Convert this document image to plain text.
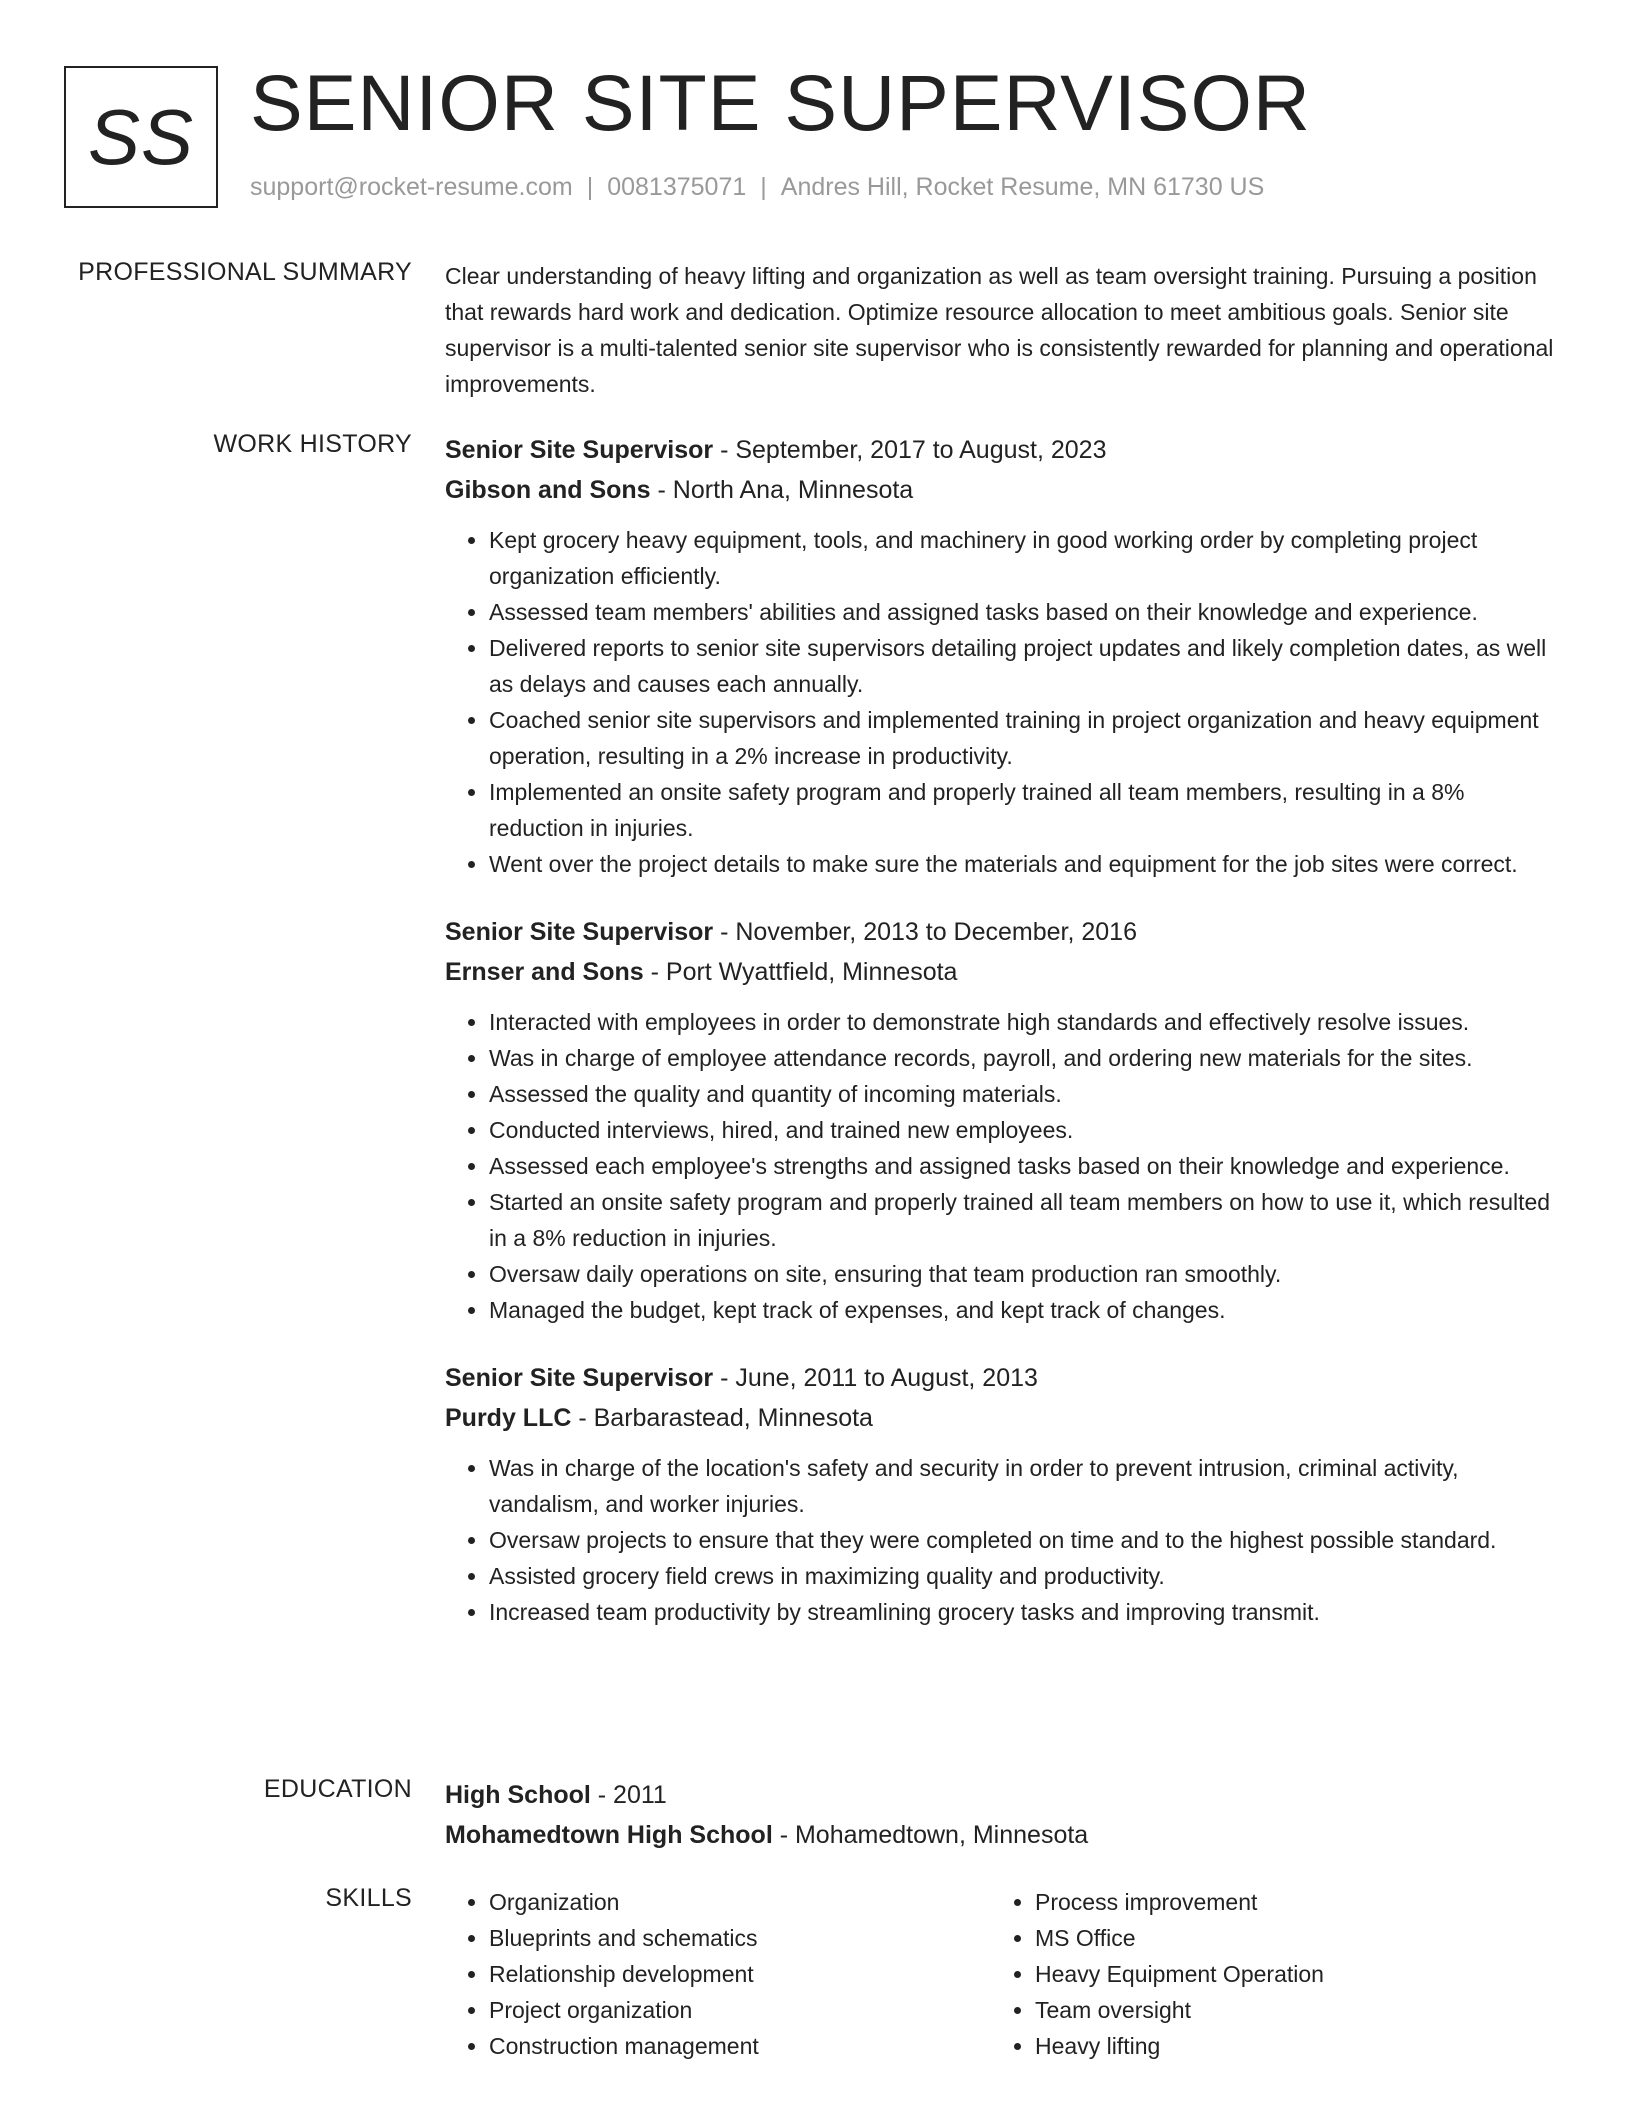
SS SENIOR SITE SUPERVISOR
support@rocket-resume.com | 0081375071 | Andres Hill, Rocket Resume, MN 61730 US
PROFESSIONAL SUMMARY Clear understanding of heavy lifting and organization as well as team oversight training. Pursuing a position that rewards hard work and dedication. Optimize resource allocation to meet ambitious goals. Senior site supervisor is a multi-talented senior site supervisor who is consistently rewarded for planning and operational improvements.

WORK HISTORY Senior Site Supervisor - September, 2017 to August, 2023
Gibson and Sons - North Ana, Minnesota
• Kept grocery heavy equipment, tools, and machinery in good working order by completing project organization efficiently.
• Assessed team members' abilities and assigned tasks based on their knowledge and experience.
• Delivered reports to senior site supervisors detailing project updates and likely completion dates, as well as delays and causes each annually.
• Coached senior site supervisors and implemented training in project organization and heavy equipment operation, resulting in a 2% increase in productivity.
• Implemented an onsite safety program and properly trained all team members, resulting in a 8% reduction in injuries.
• Went over the project details to make sure the materials and equipment for the job sites were correct.
Senior Site Supervisor - November, 2013 to December, 2016
Ernser and Sons - Port Wyattfield, Minnesota
• Interacted with employees in order to demonstrate high standards and effectively resolve issues.
• Was in charge of employee attendance records, payroll, and ordering new materials for the sites.
• Assessed the quality and quantity of incoming materials.
• Conducted interviews, hired, and trained new employees.
• Assessed each employee's strengths and assigned tasks based on their knowledge and experience.
• Started an onsite safety program and properly trained all team members on how to use it, which resulted in a 8% reduction in injuries.
• Oversaw daily operations on site, ensuring that team production ran smoothly.
• Managed the budget, kept track of expenses, and kept track of changes.
Senior Site Supervisor - June, 2011 to August, 2013
Purdy LLC - Barbarastead, Minnesota
• Was in charge of the location's safety and security in order to prevent intrusion, criminal activity, vandalism, and worker injuries.
• Oversaw projects to ensure that they were completed on time and to the highest possible standard.
• Assisted grocery field crews in maximizing quality and productivity.
• Increased team productivity by streamlining grocery tasks and improving transmit.
EDUCATION High School - 2011
Mohamedtown High School - Mohamedtown, Minnesota
SKILLS
•	Organization
• Blueprints and schematics
• Relationship development
• Project organization
• Construction management
• Process improvement
• MS Office
• Heavy Equipment Operation
• Team oversight
• Heavy lifting
